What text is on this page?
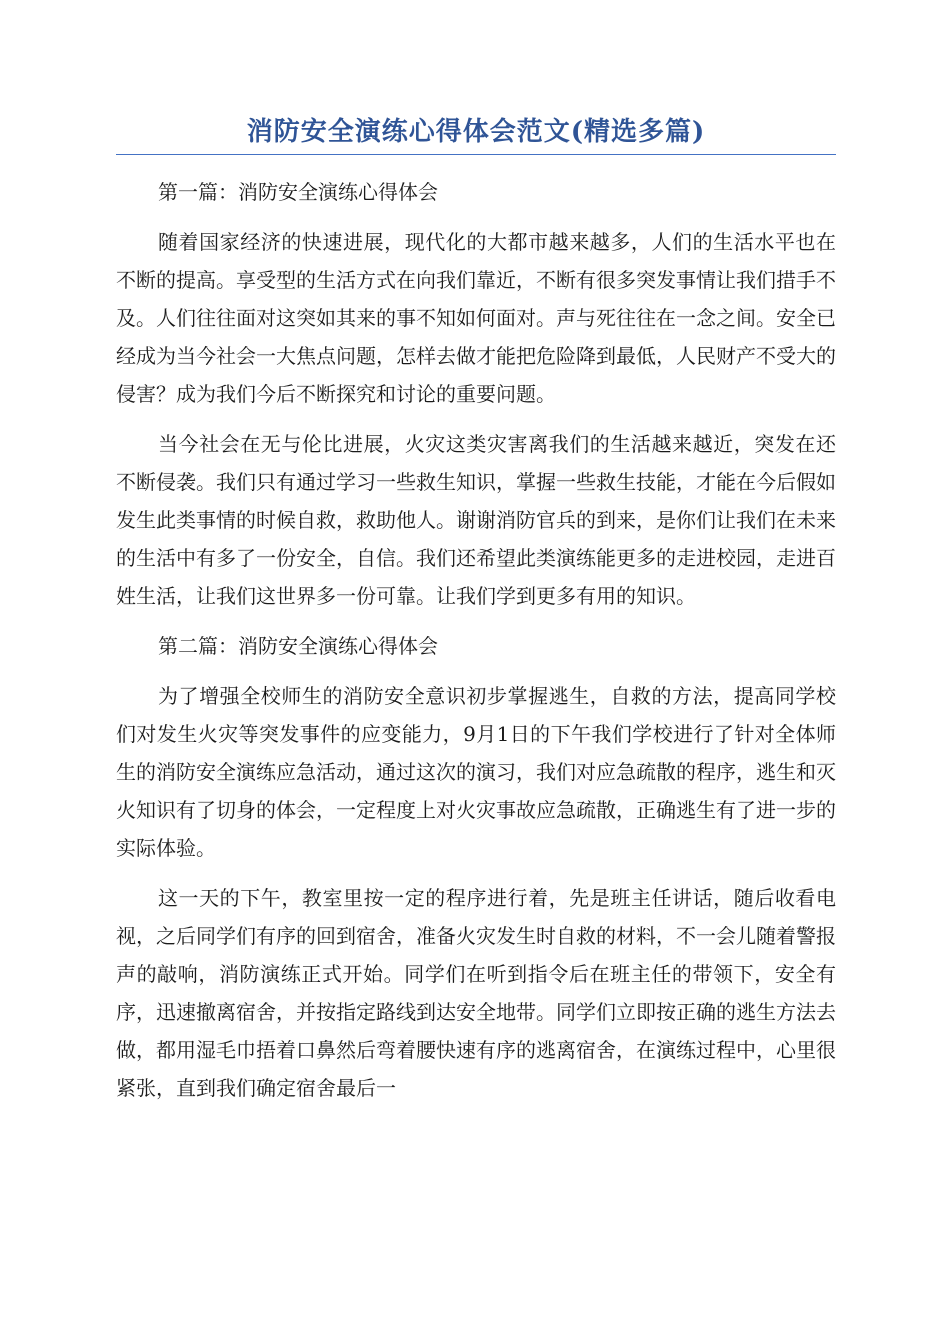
消防安全演练心得体会范文(精选多篇)

第一篇：消防安全演练心得体会

随着国家经济的快速进展，现代化的大都市越来越多，人们的生活水平也在不断的提高。享受型的生活方式在向我们靠近，不断有很多突发事情让我们措手不及。人们往往面对这突如其来的事不知如何面对。声与死往往在一念之间。安全已经成为当今社会一大焦点问题，怎样去做才能把危险降到最低，人民财产不受大的侵害？成为我们今后不断探究和讨论的重要问题。

当今社会在无与伦比进展，火灾这类灾害离我们的生活越来越近，突发在还不断侵袭。我们只有通过学习一些救生知识，掌握一些救生技能，才能在今后假如发生此类事情的时候自救，救助他人。谢谢消防官兵的到来，是你们让我们在未来的生活中有多了一份安全，自信。我们还希望此类演练能更多的走进校园，走进百姓生活，让我们这世界多一份可靠。让我们学到更多有用的知识。

第二篇：消防安全演练心得体会

为了增强全校师生的消防安全意识初步掌握逃生，自救的方法，提高同学校们对发生火灾等突发事件的应变能力，9月1日的下午我们学校进行了针对全体师生的消防安全演练应急活动，通过这次的演习，我们对应急疏散的程序，逃生和灭火知识有了切身的体会，一定程度上对火灾事故应急疏散，正确逃生有了进一步的实际体验。

这一天的下午，教室里按一定的程序进行着，先是班主任讲话，随后收看电视，之后同学们有序的回到宿舍，准备火灾发生时自救的材料，不一会儿随着警报声的敲响，消防演练正式开始。同学们在听到指令后在班主任的带领下，安全有序，迅速撤离宿舍，并按指定路线到达安全地带。同学们立即按正确的逃生方法去做，都用湿毛巾捂着口鼻然后弯着腰快速有序的逃离宿舍，在演练过程中，心里很紧张，直到我们确定宿舍最后一
